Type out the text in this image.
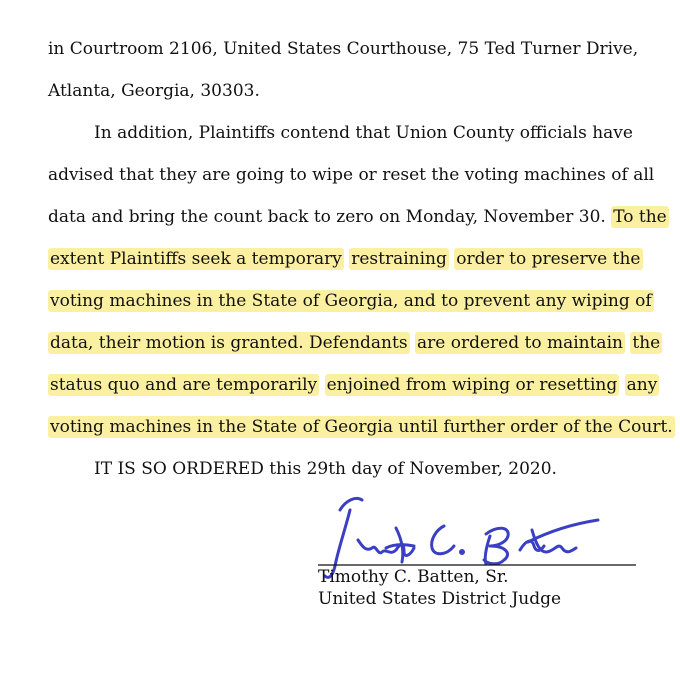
in Courtroom 2106, United States Courthouse, 75 Ted Turner Drive,
Atlanta, Georgia, 30303.
In addition, Plaintiffs contend that Union County officials have
advised that they are going to wipe or reset the voting machines of all
data and bring the count back to zero on Monday, November 30. To the
extent Plaintiffs seek a temporary restraining order to preserve the
voting machines in the State of Georgia, and to prevent any wiping of
data, their motion is granted. Defendants are ordered to maintain the
status quo and are temporarily enjoined from wiping or resetting any
voting machines in the State of Georgia until further order of the Court.
IT IS SO ORDERED this 29th day of November, 2020.
Timothy C. Batten, Sr.
United States District Judge
